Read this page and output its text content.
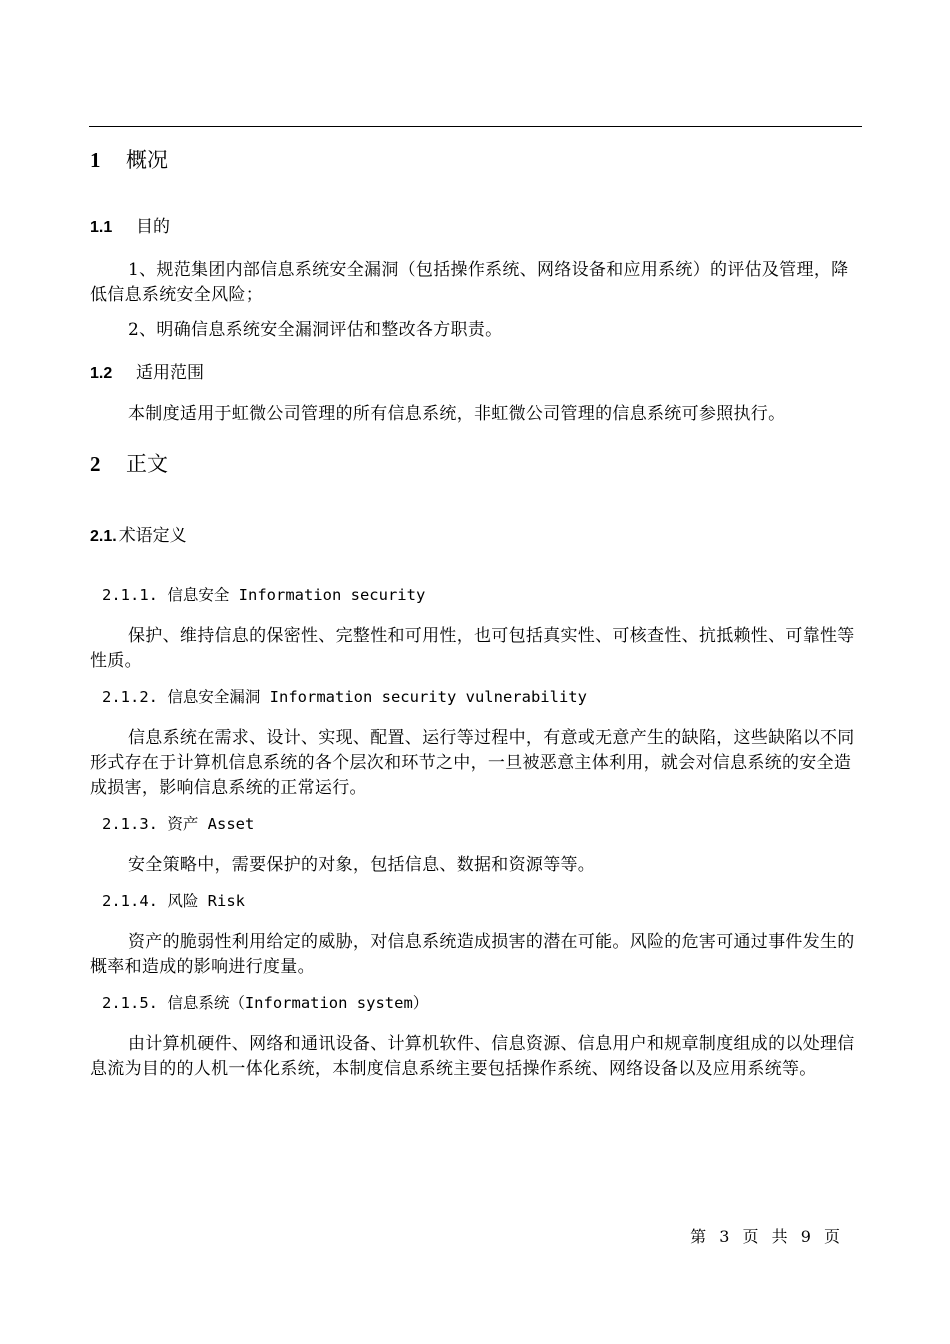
1	概况
1.1	目的

1、规范集团内部信息系统安全漏洞（包括操作系统、网络设备和应用系统）的评估及管理，降低信息系统安全风险；

2、明确信息系统安全漏洞评估和整改各方职责。

1.2	适用范围

本制度适用于虹微公司管理的所有信息系统，非虹微公司管理的信息系统可参照执行。

2	正文
2.1. 术语定义

2.1.1. 信息安全 Information security

保护、维持信息的保密性、完整性和可用性，也可包括真实性、可核查性、抗抵赖性、可靠性等性质。

2.1.2. 信息安全漏洞 Information security vulnerability

信息系统在需求、设计、实现、配置、运行等过程中，有意或无意产生的缺陷，这些缺陷以不同形式存在于计算机信息系统的各个层次和环节之中，一旦被恶意主体利用，就会对信息系统的安全造成损害，影响信息系统的正常运行。

2.1.3. 资产 Asset

安全策略中，需要保护的对象，包括信息、数据和资源等等。

2.1.4. 风险 Risk

资产的脆弱性利用给定的威胁，对信息系统造成损害的潜在可能。风险的危害可通过事件发生的概率和造成的影响进行度量。

2.1.5. 信息系统（Information system）

由计算机硬件、网络和通讯设备、计算机软件、信息资源、信息用户和规章制度组成的以处理信息流为目的的人机一体化系统，本制度信息系统主要包括操作系统、网络设备以及应用系统等。

第 3 页 共 9 页
